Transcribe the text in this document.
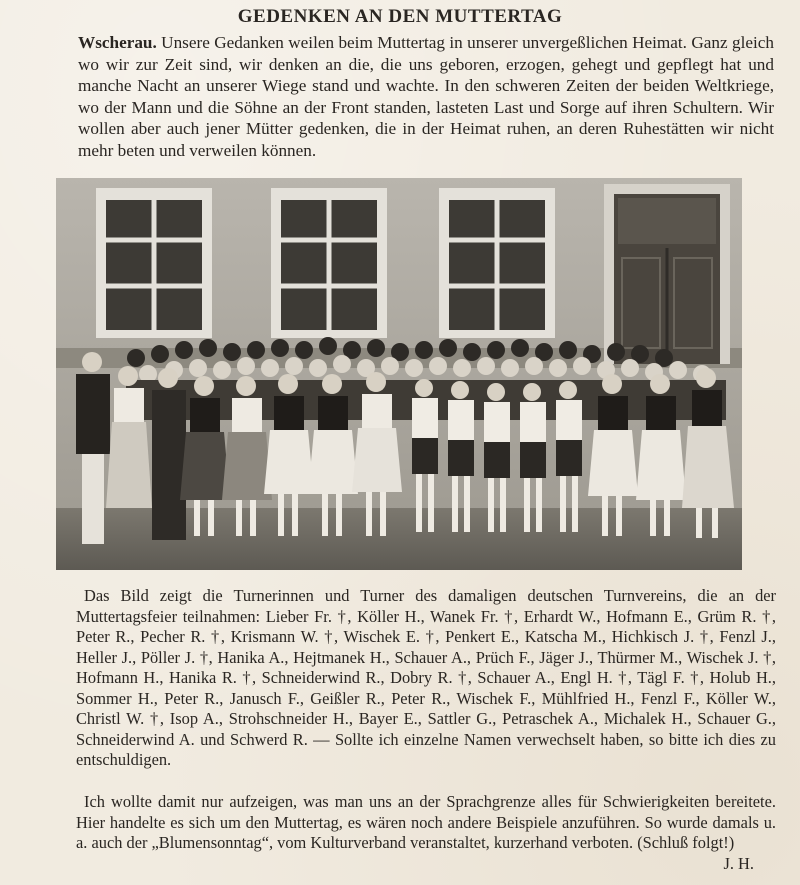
GEDENKEN AN DEN MUTTERTAG

Wscherau. Unsere Gedanken weilen beim Muttertag in unserer unvergeßlichen Heimat. Ganz gleich wo wir zur Zeit sind, wir denken an die, die uns geboren, erzogen, gehegt und gepflegt hat und manche Nacht an unserer Wiege stand und wachte. In den schweren Zeiten der beiden Weltkriege, wo der Mann und die Söhne an der Front standen, lasteten Last und Sorge auf ihren Schultern. Wir wollen aber auch jener Mütter gedenken, die in der Heimat ruhen, an deren Ruhestätten wir nicht mehr beten und verweilen können.

Das Bild zeigt die Turnerinnen und Turner des damaligen deutschen Turnvereins, die an der Muttertagsfeier teilnahmen: Lieber Fr. †, Köller H., Wanek Fr. †, Erhardt W., Hofmann E., Grüm R. †, Peter R., Pecher R. †, Krismann W. †, Wischek E. †, Penkert E., Katscha M., Hichkisch J. †, Fenzl J., Heller J., Pöller J. †, Hanika A., Hejtmanek H., Schauer A., Prüch F., Jäger J., Thürmer M., Wischek J. †, Hofmann H., Hanika R. †, Schneiderwind R., Dobry R. †, Schauer A., Engl H. †, Tägl F. †, Holub H., Sommer H., Peter R., Janusch F., Geißler R., Peter R., Wischek F., Mühlfried H., Fenzl F., Köller W., Christl W. †, Isop A., Strohschneider H., Bayer E., Sattler G., Petraschek A., Michalek H., Schauer G., Schneiderwind A. und Schwerd R. — Sollte ich einzelne Namen verwechselt haben, so bitte ich dies zu entschuldigen.

Ich wollte damit nur aufzeigen, was man uns an der Sprachgrenze alles für Schwierigkeiten bereitete. Hier handelte es sich um den Muttertag, es wären noch andere Beispiele anzuführen. So wurde damals u. a. auch der „Blumensonntag“, vom Kulturverband veranstaltet, kurzerhand verboten. (Schluß folgt!)
J. H.
